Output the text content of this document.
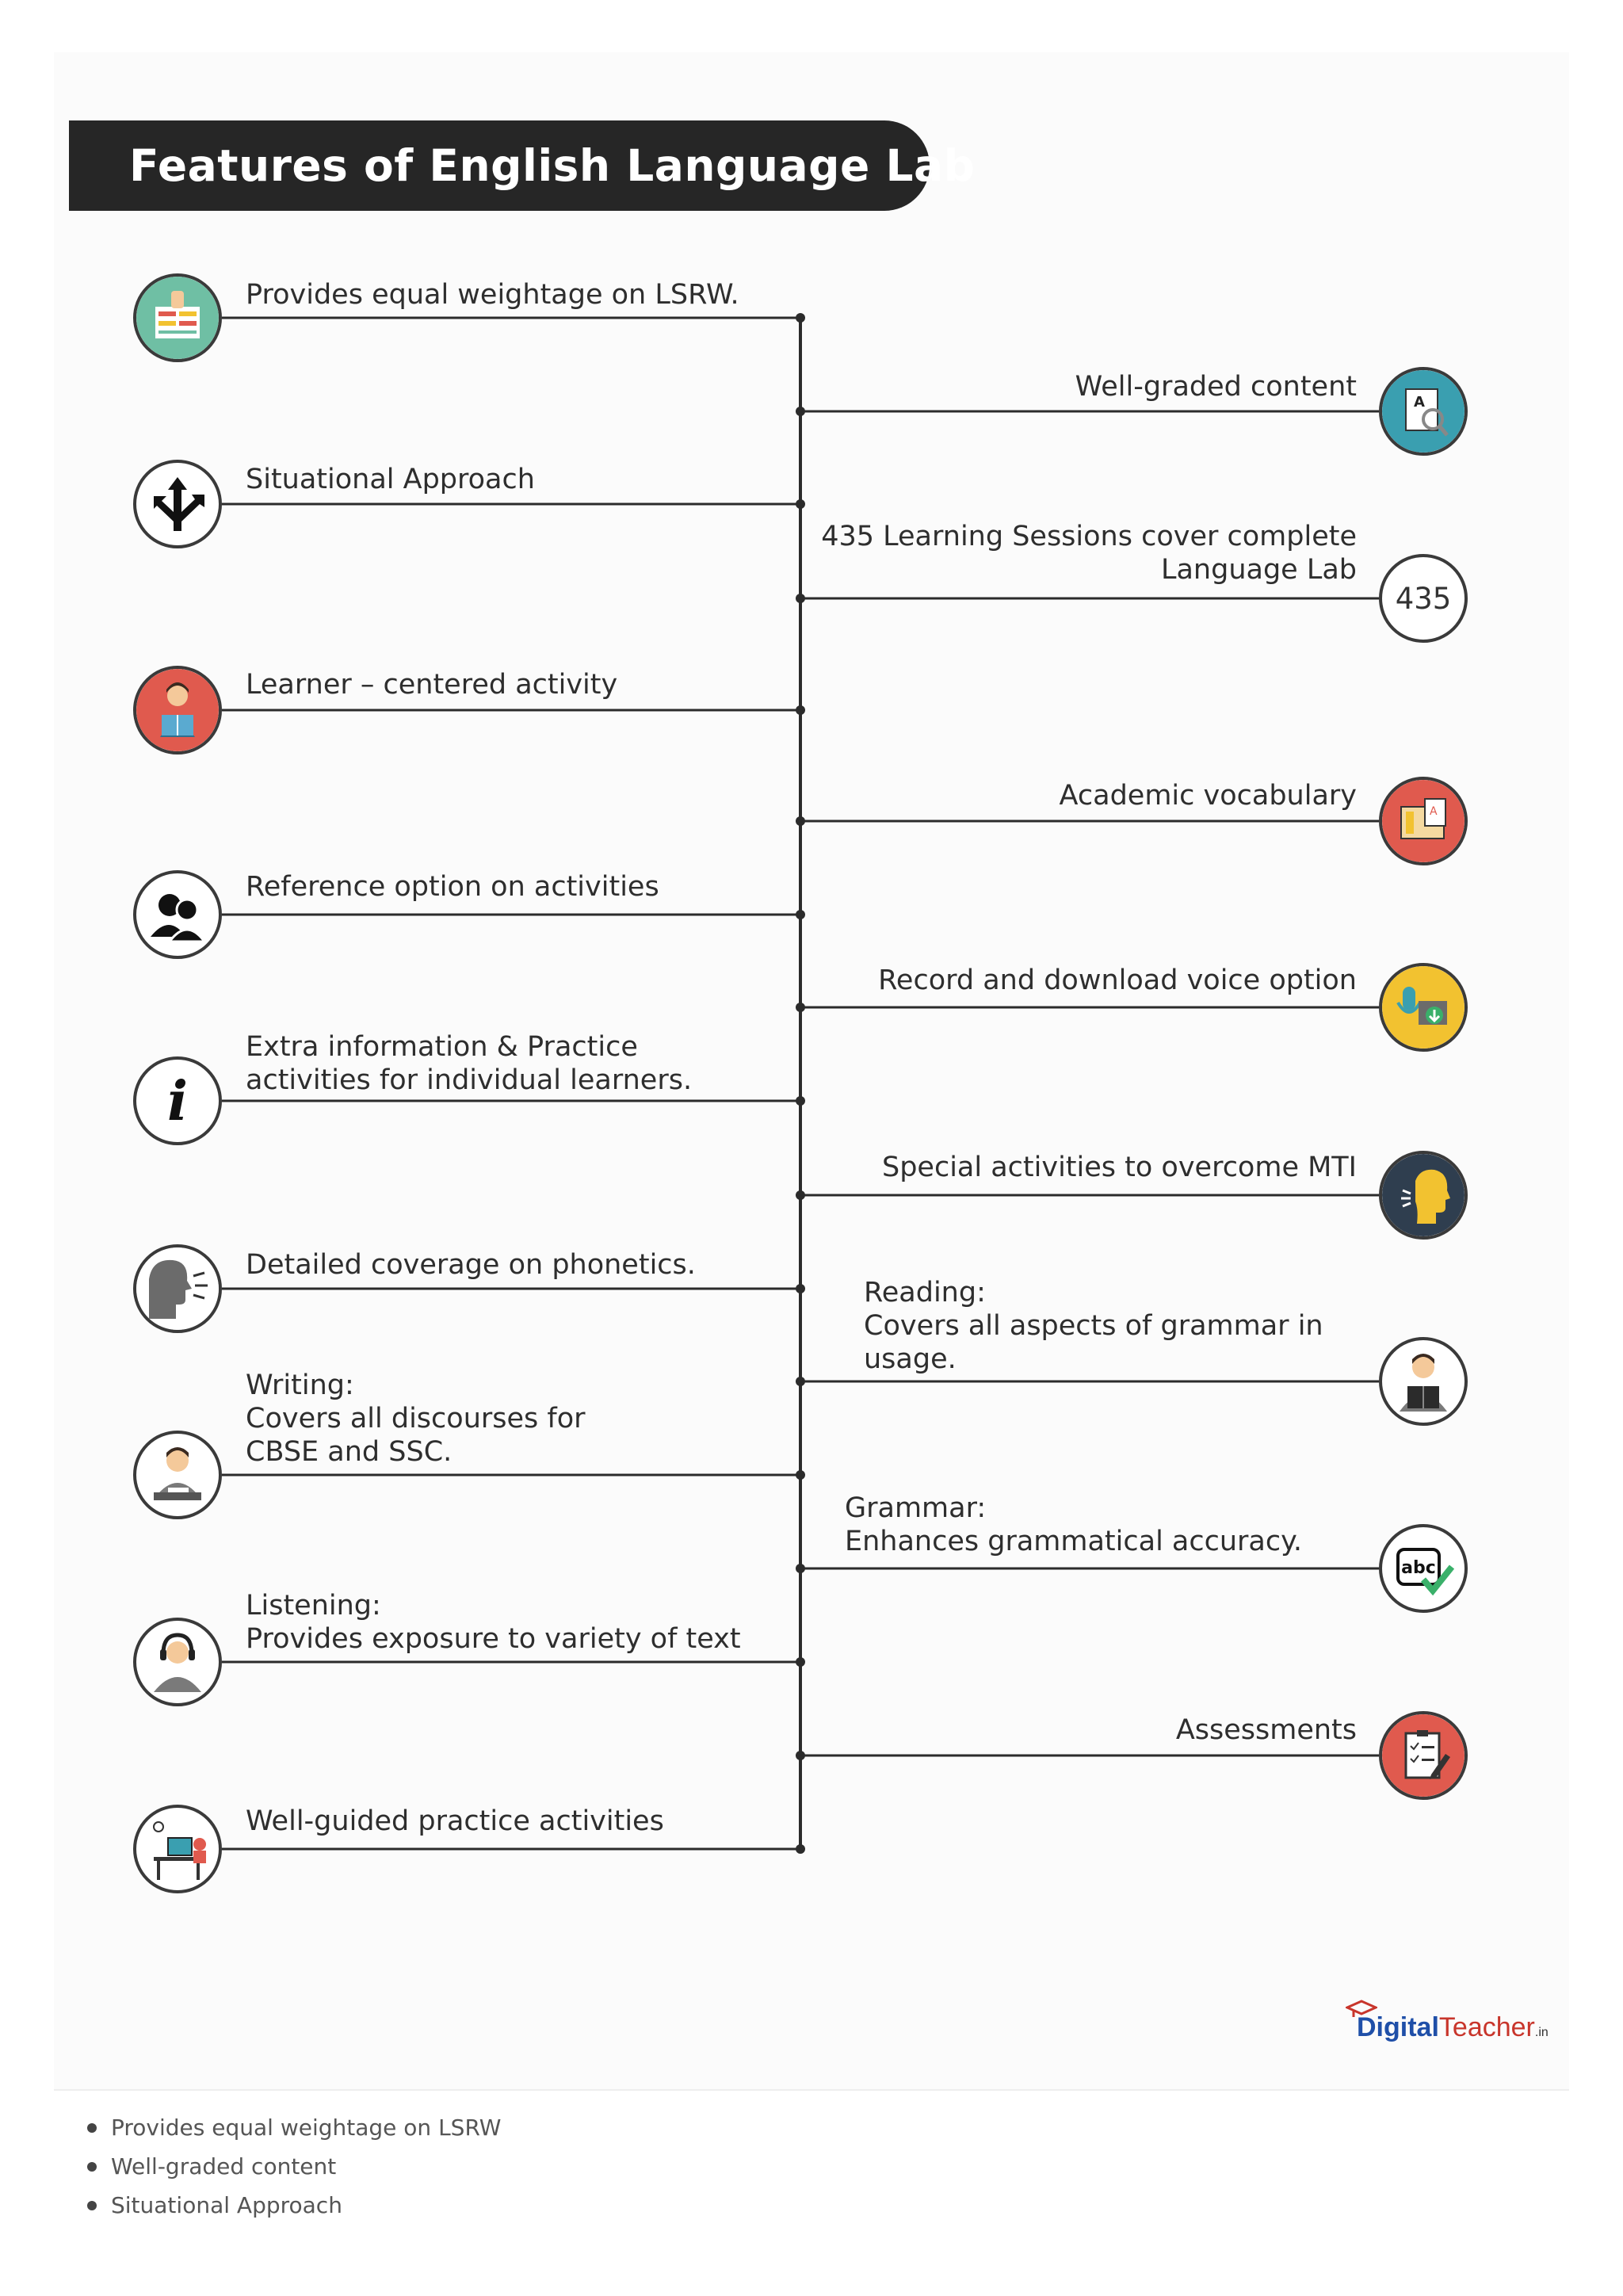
Features of English Language Lab
Provides equal weightage on LSRW.
Situational Approach
Learner – centered activity
Reference option on activities
i
Extra information & Practice
activities for individual learners.
Detailed coverage on phonetics.
Writing:
Covers all discourses for
CBSE and SSC.
Listening:
Provides exposure to variety of text
Well-guided practice activities
A
Well-graded content
435
435 Learning Sessions cover complete
Language Lab
A
Academic vocabulary
Record and download voice option
Special activities to overcome MTI
Reading:
Covers all aspects of grammar in
usage.
abc
Grammar:
Enhances grammatical accuracy.
Assessments
DigitalTeacher.in
Provides equal weightage on LSRW
Well-graded content
Situational Approach
